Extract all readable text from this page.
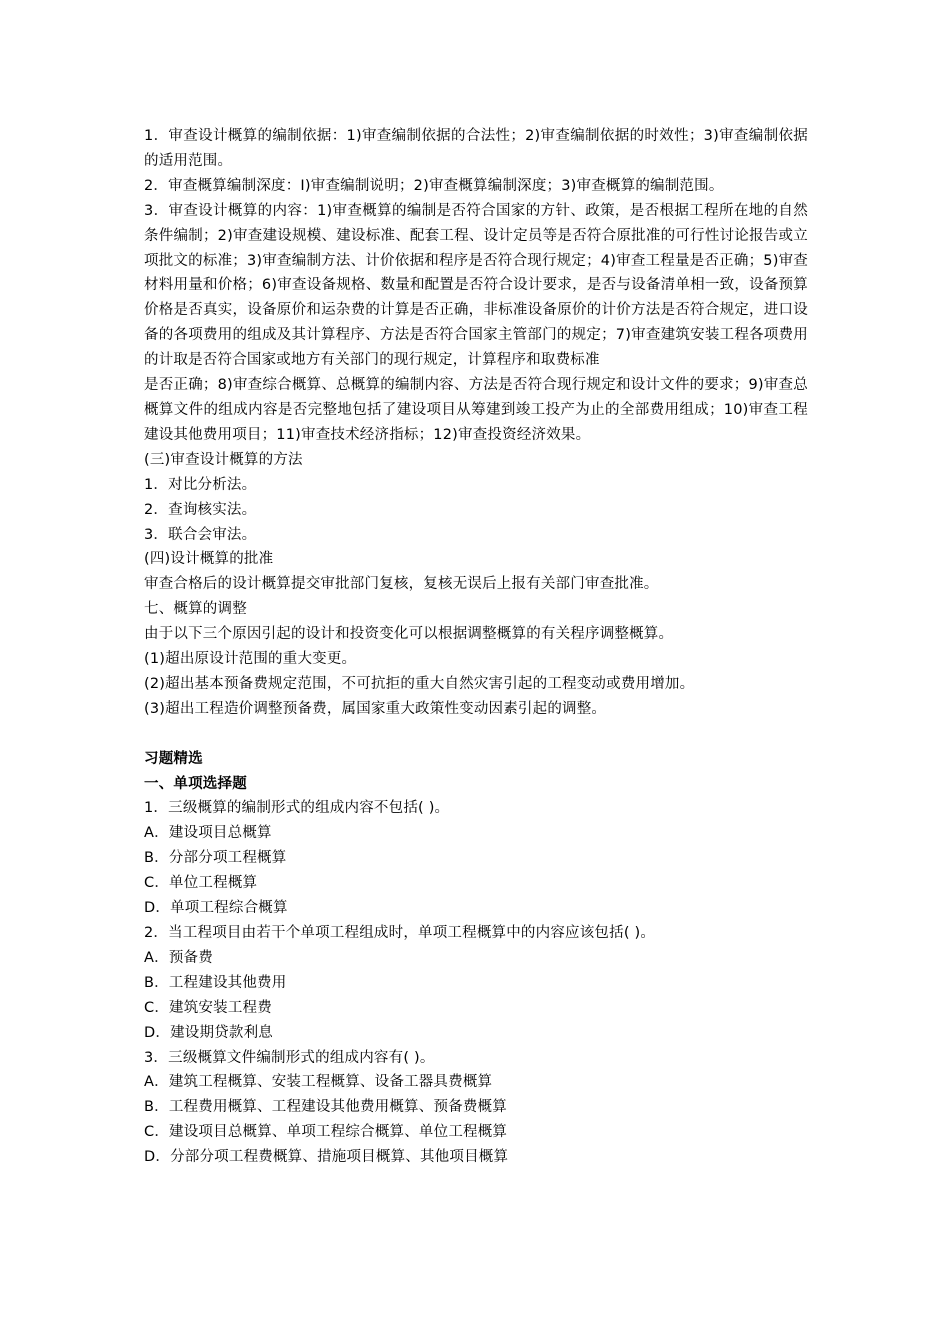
1．审查设计概算的编制依据：1)审查编制依据的合法性；2)审查编制依据的时效性；3)审查编制依据的适用范围。

2．审查概算编制深度：I)审查编制说明；2)审查概算编制深度；3)审查概算的编制范围。

3．审查设计概算的内容：1)审查概算的编制是否符合国家的方针、政策，是否根据工程所在地的自然条件编制；2)审查建设规模、建设标准、配套工程、设计定员等是否符合原批准的可行性讨论报告或立项批文的标准；3)审查编制方法、计价依据和程序是否符合现行规定；4)审查工程量是否正确；5)审查材料用量和价格；6)审查设备规格、数量和配置是否符合设计要求，是否与设备清单相一致，设备预算价格是否真实，设备原价和运杂费的计算是否正确，非标准设备原价的计价方法是否符合规定，进口设备的各项费用的组成及其计算程序、方法是否符合国家主管部门的规定；7)审查建筑安装工程各项费用的计取是否符合国家或地方有关部门的现行规定，计算程序和取费标准

是否正确；8)审查综合概算、总概算的编制内容、方法是否符合现行规定和设计文件的要求；9)审查总概算文件的组成内容是否完整地包括了建设项目从筹建到竣工投产为止的全部费用组成；10)审查工程建设其他费用项目；11)审查技术经济指标；12)审查投资经济效果。

(三)审查设计概算的方法

1．对比分析法。

2．查询核实法。

3．联合会审法。

(四)设计概算的批准

审查合格后的设计概算提交审批部门复核，复核无误后上报有关部门审查批准。

七、概算的调整

由于以下三个原因引起的设计和投资变化可以根据调整概算的有关程序调整概算。

(1)超出原设计范围的重大变更。

(2)超出基本预备费规定范围，不可抗拒的重大自然灾害引起的工程变动或费用增加。

(3)超出工程造价调整预备费，属国家重大政策性变动因素引起的调整。

习题精选

一、单项选择题

1．三级概算的编制形式的组成内容不包括( )。

A．建设项目总概算

B．分部分项工程概算

C．单位工程概算

D．单项工程综合概算

2．当工程项目由若干个单项工程组成时，单项工程概算中的内容应该包括( )。

A．预备费

B．工程建设其他费用

C．建筑安装工程费

D．建设期贷款利息

3．三级概算文件编制形式的组成内容有( )。

A．建筑工程概算、安装工程概算、设备工器具费概算

B．工程费用概算、工程建设其他费用概算、预备费概算

C．建设项目总概算、单项工程综合概算、单位工程概算

D．分部分项工程费概算、措施项目概算、其他项目概算
